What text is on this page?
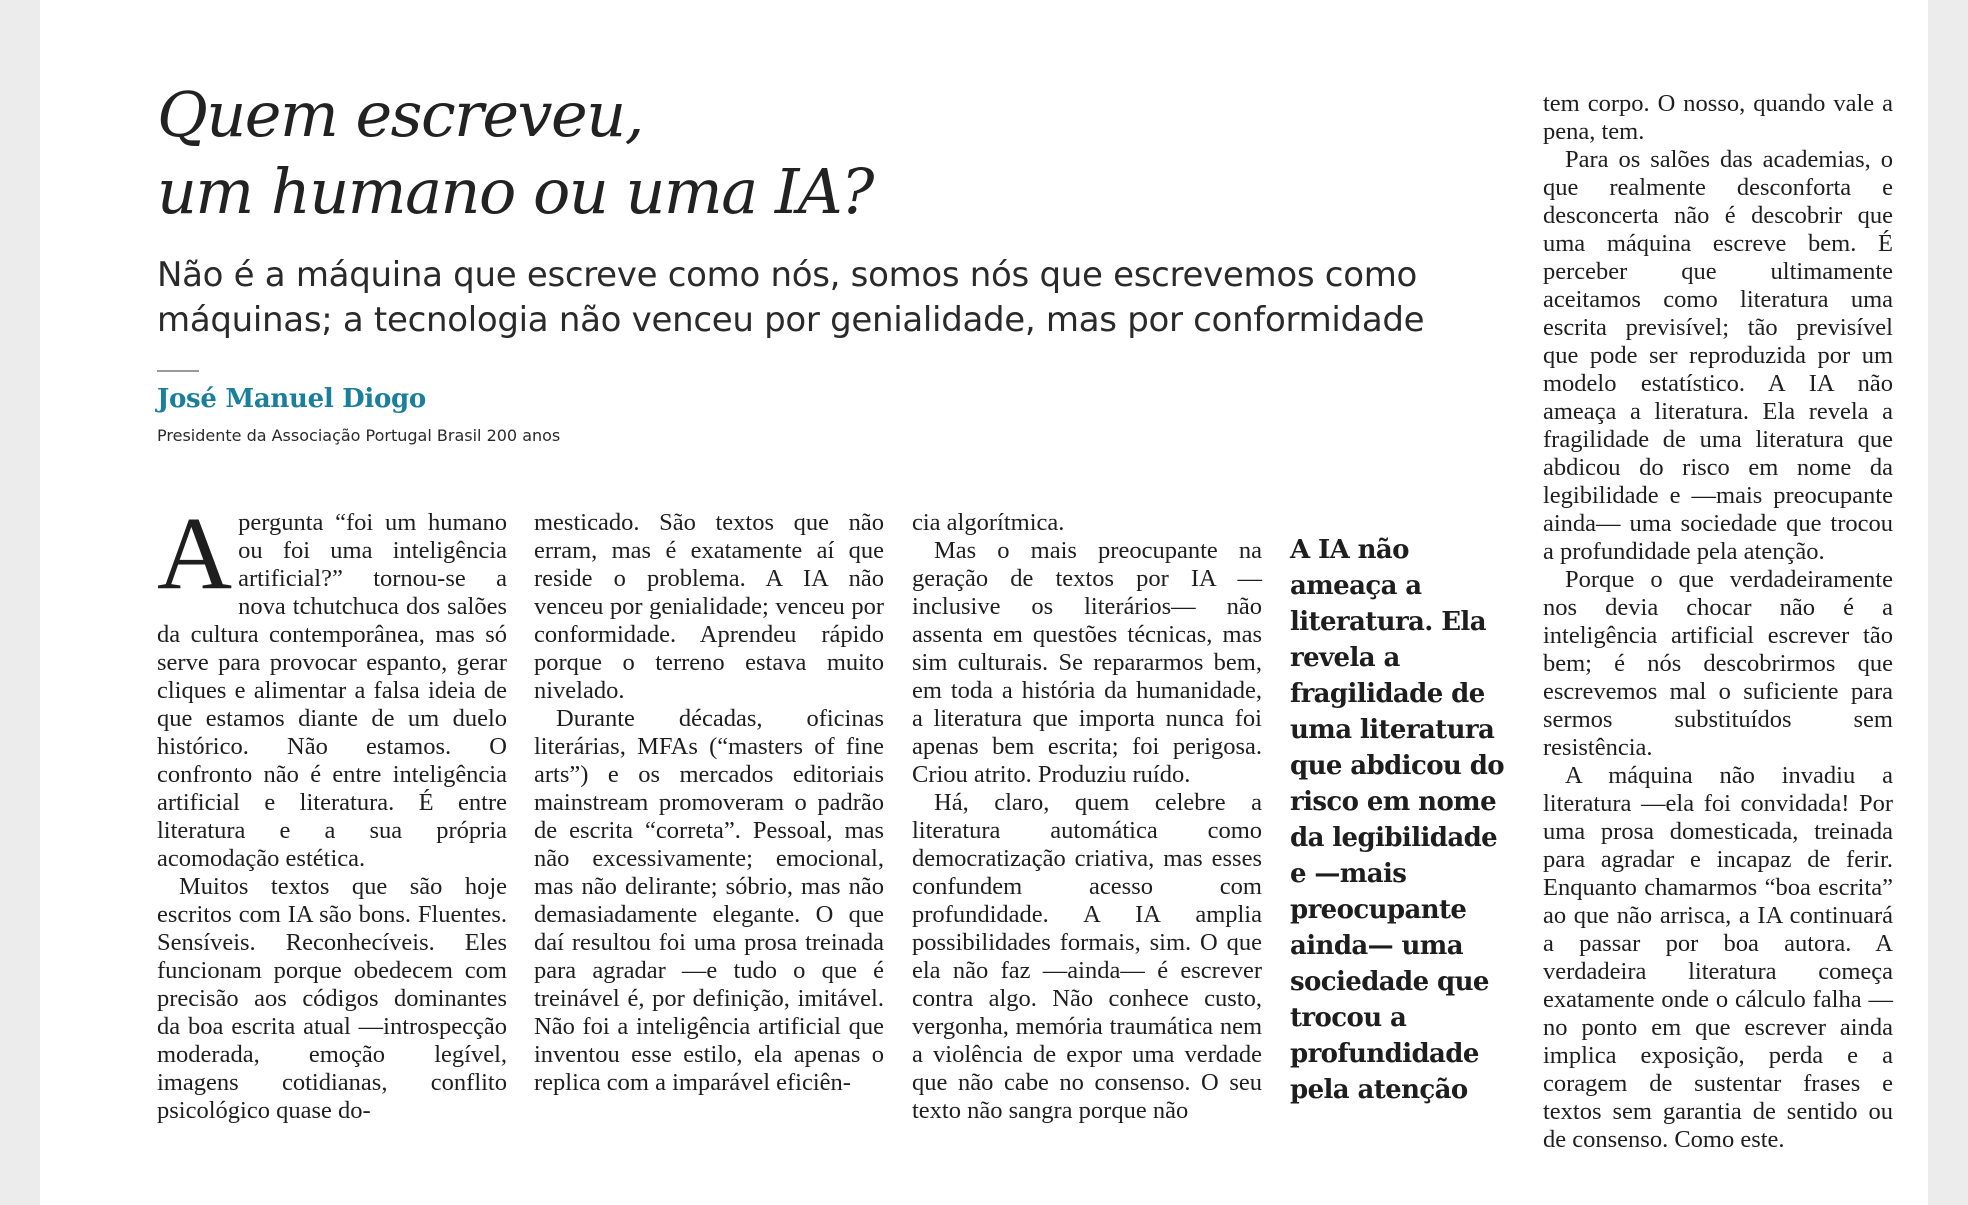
Quem escreveu,
um humano ou uma IA?
Não é a máquina que escreve como nós, somos nós que escrevemos como
máquinas; a tecnologia não venceu por genialidade, mas por conformidade
José Manuel Diogo
Presidente da Associação Portugal Brasil 200 anos
A pergunta “foi um humano ou foi uma inteligência artificial?” tornou-se a nova tchutchuca dos salões da cultura contemporânea, mas só serve para provocar espanto, gerar cliques e alimentar a falsa ideia de que estamos diante de um duelo histórico. Não estamos. O confronto não é entre inteligência artificial e literatura. É entre literatura e a sua própria acomodação estética.

Muitos textos que são hoje escritos com IA são bons. Fluentes. Sensíveis. Reconhecíveis. Eles funcionam porque obedecem com precisão aos códigos dominantes da boa escrita atual —introspecção moderada, emoção legível, imagens cotidianas, conflito psicológico quase do-

mesticado. São textos que não erram, mas é exatamente aí que reside o problema. A IA não venceu por genialidade; venceu por conformidade. Aprendeu rápido porque o terreno estava muito nivelado.

Durante décadas, oficinas literárias, MFAs (“masters of fine arts”) e os mercados editoriais mainstream promoveram o padrão de escrita “correta”. Pessoal, mas não excessivamente; emocional, mas não delirante; sóbrio, mas não demasiadamente elegante. O que daí resultou foi uma prosa treinada para agradar —e tudo o que é treinável é, por definição, imitável. Não foi a inteligência artificial que inventou esse estilo, ela apenas o replica com a imparável eficiên-

cia algorítmica.

Mas o mais preocupante na geração de textos por IA —inclusive os literários— não assenta em questões técnicas, mas sim culturais. Se repararmos bem, em toda a história da humanidade, a literatura que importa nunca foi apenas bem escrita; foi perigosa. Criou atrito. Produziu ruído.

Há, claro, quem celebre a literatura automática como democratização criativa, mas esses confundem acesso com profundidade. A IA amplia possibilidades formais, sim. O que ela não faz —ainda— é escrever contra algo. Não conhece custo, vergonha, memória traumática nem a violência de expor uma verdade que não cabe no consenso. O seu texto não sangra porque não

A IA não ameaça a literatura. Ela revela a fragilidade de uma literatura que abdicou do risco em nome da legibilidade e —mais preocupante ainda— uma sociedade que trocou a profundidade pela atenção

tem corpo. O nosso, quando vale a pena, tem.

Para os salões das academias, o que realmente desconforta e desconcerta não é descobrir que uma máquina escreve bem. É perceber que ultimamente aceitamos como literatura uma escrita previsível; tão previsível que pode ser reproduzida por um modelo estatístico. A IA não ameaça a literatura. Ela revela a fragilidade de uma literatura que abdicou do risco em nome da legibilidade e —mais preocupante ainda— uma sociedade que trocou a profundidade pela atenção.

Porque o que verdadeiramente nos devia chocar não é a inteligência artificial escrever tão bem; é nós descobrirmos que escrevemos mal o suficiente para sermos substituídos sem resistência.

A máquina não invadiu a literatura —ela foi convidada! Por uma prosa domesticada, treinada para agradar e incapaz de ferir. Enquanto chamarmos “boa escrita” ao que não arrisca, a IA continuará a passar por boa autora. A verdadeira literatura começa exatamente onde o cálculo falha —no ponto em que escrever ainda implica exposição, perda e a coragem de sustentar frases e textos sem garantia de sentido ou de consenso. Como este.
